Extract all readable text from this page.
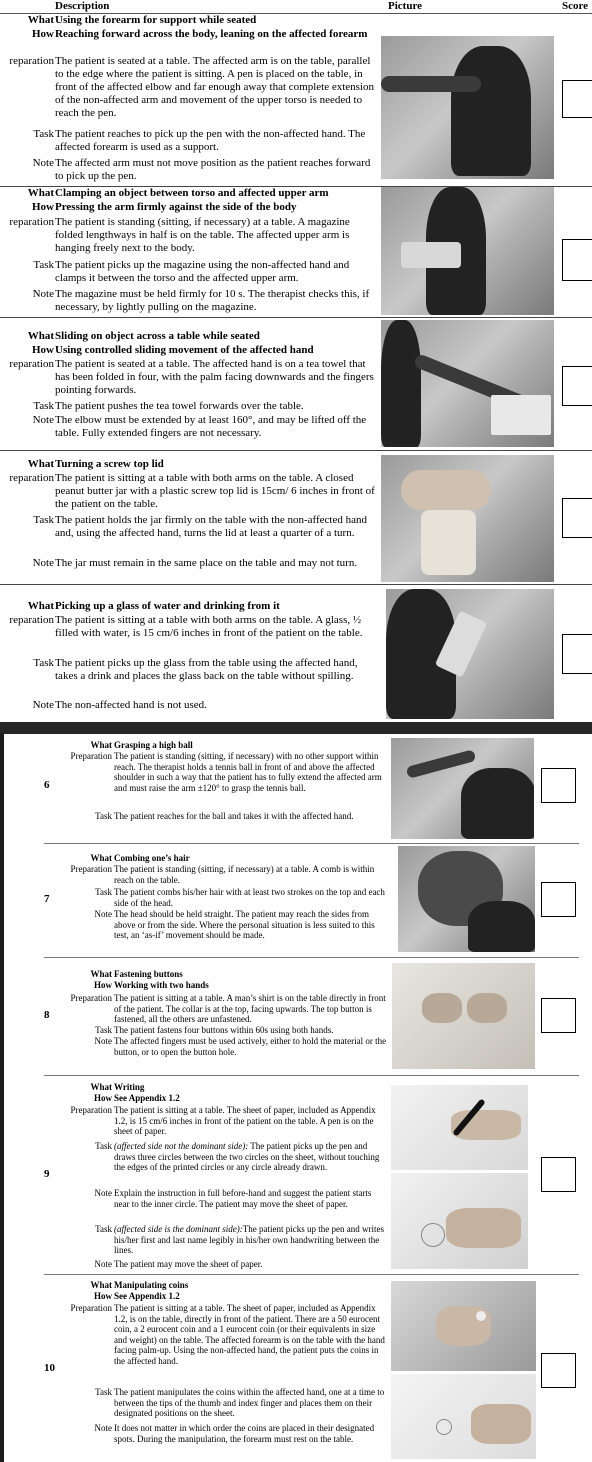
Description	Picture	Score
What Using the forearm for support while seated
How Reaching forward across the body, leaning on the affected forearm
reparation The patient is seated at a table. The affected arm is on the table, parallel to the edge where the patient is sitting. A pen is placed on the table, in front of the affected elbow and far enough away that complete extension of the non-affected arm and movement of the upper torso is needed to reach the pen.
Task The patient reaches to pick up the pen with the non-affected hand. The affected forearm is used as a support.
Note The affected arm must not move position as the patient reaches forward to pick up the pen.
What Clamping an object between torso and affected upper arm
How Pressing the arm firmly against the side of the body
reparation The patient is standing (sitting, if necessary) at a table. A magazine folded lengthways in half is on the table. The affected upper arm is hanging freely next to the body.
Task The patient picks up the magazine using the non-affected hand and clamps it between the torso and the affected upper arm.
Note The magazine must be held firmly for 10 s. The therapist checks this, if necessary, by lightly pulling on the magazine.
What Sliding on object across a table while seated
How Using controlled sliding movement of the affected hand
reparation The patient is seated at a table. The affected hand is on a tea towel that has been folded in four, with the palm facing downwards and the fingers pointing forwards.
Task The patient pushes the tea towel forwards over the table.
Note The elbow must be extended by at least 160°, and may be lifted off the table. Fully extended fingers are not necessary.
What Turning a screw top lid
reparation The patient is sitting at a table with both arms on the table. A closed peanut butter jar with a plastic screw top lid is 15cm/ 6 inches in front of the patient on the table.
Task The patient holds the jar firmly on the table with the non-affected hand and, using the affected hand, turns the lid at least a quarter of a turn.
Note The jar must remain in the same place on the table and may not turn.
What Picking up a glass of water and drinking from it
reparation The patient is sitting at a table with both arms on the table. A glass, ½ filled with water, is 15 cm/6 inches in front of the patient on the table.
Task The patient picks up the glass from the table using the affected hand, takes a drink and places the glass back on the table without spilling.
Note The non-affected hand is not used.
6
What Grasping a high ball
Preparation The patient is standing (sitting, if necessary) with no other support within reach. The therapist holds a tennis ball in front of and above the affected shoulder in such a way that the patient has to fully extend the affected arm and must raise the arm ±120° to grasp the tennis ball.
Task The patient reaches for the ball and takes it with the affected hand.
7
What Combing one’s hair
Preparation The patient is standing (sitting, if necessary) at a table. A comb is within reach on the table.
Task The patient combs his/her hair with at least two strokes on the top and each side of the head.
Note The head should be held straight. The patient may reach the sides from above or from the side. Where the personal situation is less suited to this test, an ‘as-if’ movement should be made.
8
What Fastening buttons
How Working with two hands
Preparation The patient is sitting at a table. A man’s shirt is on the table directly in front of the patient. The collar is at the top, facing upwards. The top button is fastened, all the others are unfastened.
Task The patient fastens four buttons within 60s using both hands.
Note The affected fingers must be used actively, either to hold the material or the button, or to open the button hole.
9
What Writing
How See Appendix 1.2
Preparation The patient is sitting at a table. The sheet of paper, included as Appendix 1.2, is 15 cm/6 inches in front of the patient on the table. A pen is on the sheet of paper.
Task (affected side not the dominant side): The patient picks up the pen and draws three circles between the two circles on the sheet, without touching the edges of the printed circles or any circle already drawn.
Note Explain the instruction in full before-hand and suggest the patient starts near to the inner circle. The patient may move the sheet of paper.
Task (affected side is the dominant side):The patient picks up the pen and writes his/her first and last name legibly in his/her own handwriting between the lines.
Note The patient may move the sheet of paper.
10
What Manipulating coins
How See Appendix 1.2
Preparation The patient is sitting at a table. The sheet of paper, included as Appendix 1.2, is on the table, directly in front of the patient. There are a 50 eurocent coin, a 2 eurocent coin and a 1 eurocent coin (or their equivalents in size and weight) on the table. The affected forearm is on the table with the hand facing palm-up. Using the non-affected hand, the patient puts the coins in the affected hand.
Task The patient manipulates the coins within the affected hand, one at a time to between the tips of the thumb and index finger and places them on their designated positions on the sheet.
Note It does not matter in which order the coins are placed in their designated spots. During the manipulation, the forearm must rest on the table.
